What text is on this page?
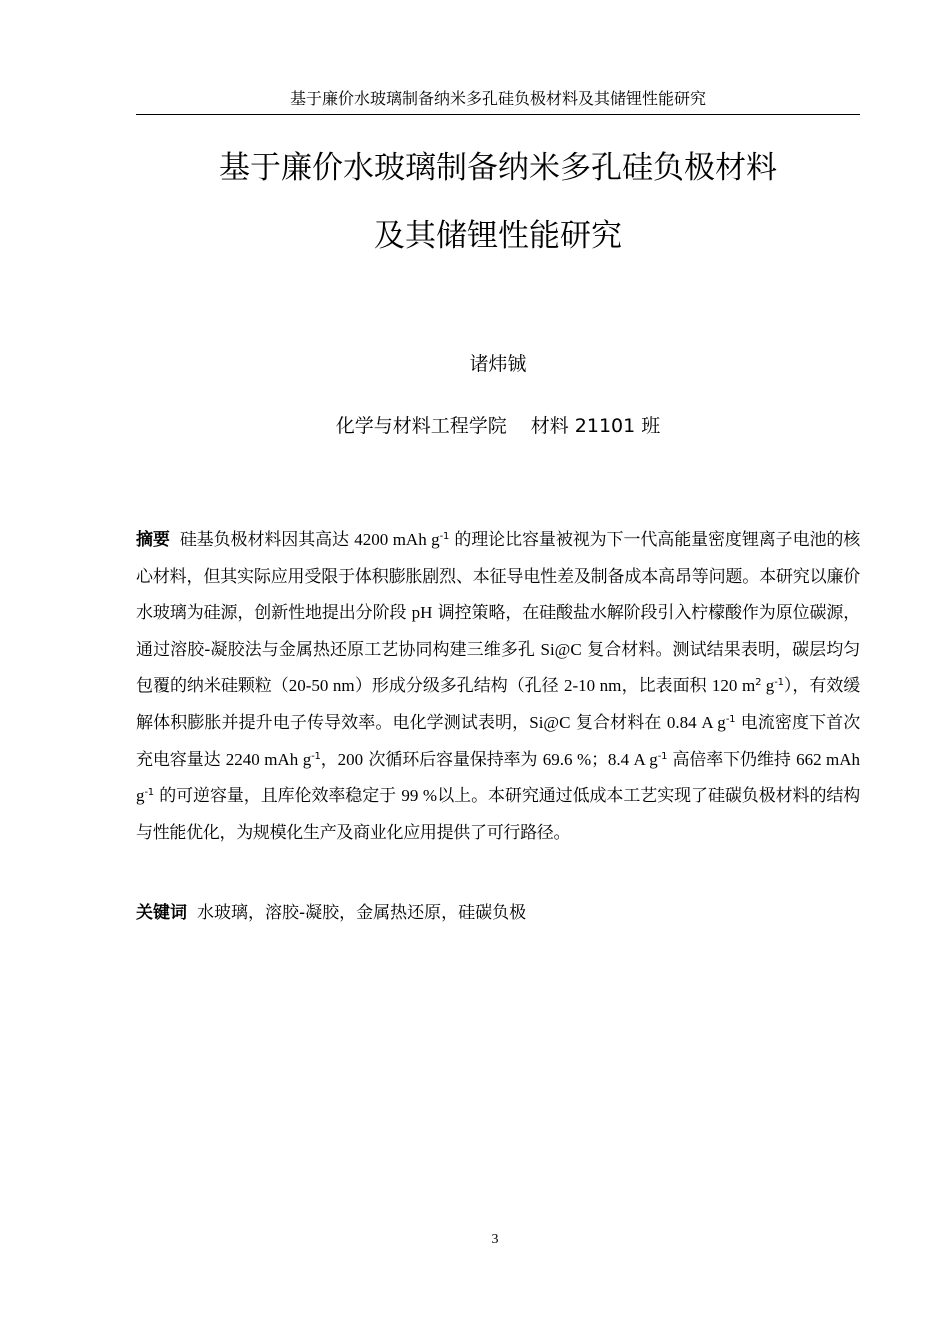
基于廉价水玻璃制备纳米多孔硅负极材料及其储锂性能研究
基于廉价水玻璃制备纳米多孔硅负极材料
及其储锂性能研究
诸炜铖
化学与材料工程学院 材料 21101 班
摘要 硅基负极材料因其高达 4200 mAh $g^{-1}$ 的理论比容量被视为下一代高能量密度锂离子电池的核心材料，但其实际应用受限于体积膨胀剧烈、本征导电性差及制备成本高昂等问题。本研究以廉价水玻璃为硅源，创新性地提出分阶段 pH 调控策略，在硅酸盐水解阶段引入柠檬酸作为原位碳源，通过溶胶-凝胶法与金属热还原工艺协同构建三维多孔 Si@C 复合材料。测试结果表明，碳层均匀包覆的纳米硅颗粒（20-50 nm）形成分级多孔结构（孔径 2-10 nm，比表面积 120 $m^2$ $g^{-1}$），有效缓解体积膨胀并提升电子传导效率。电化学测试表明，Si@C 复合材料在 0.84 A $g^{-1}$ 电流密度下首次充电容量达 2240 mAh $g^{-1}$，200 次循环后容量保持率为 69.6 %；8.4 A $g^{-1}$ 高倍率下仍维持 662 mAh $g^{-1}$ 的可逆容量，且库伦效率稳定于 99 %以上。本研究通过低成本工艺实现了硅碳负极材料的结构与性能优化，为规模化生产及商业化应用提供了可行路径。
关键词 水玻璃，溶胶-凝胶，金属热还原，硅碳负极
3
